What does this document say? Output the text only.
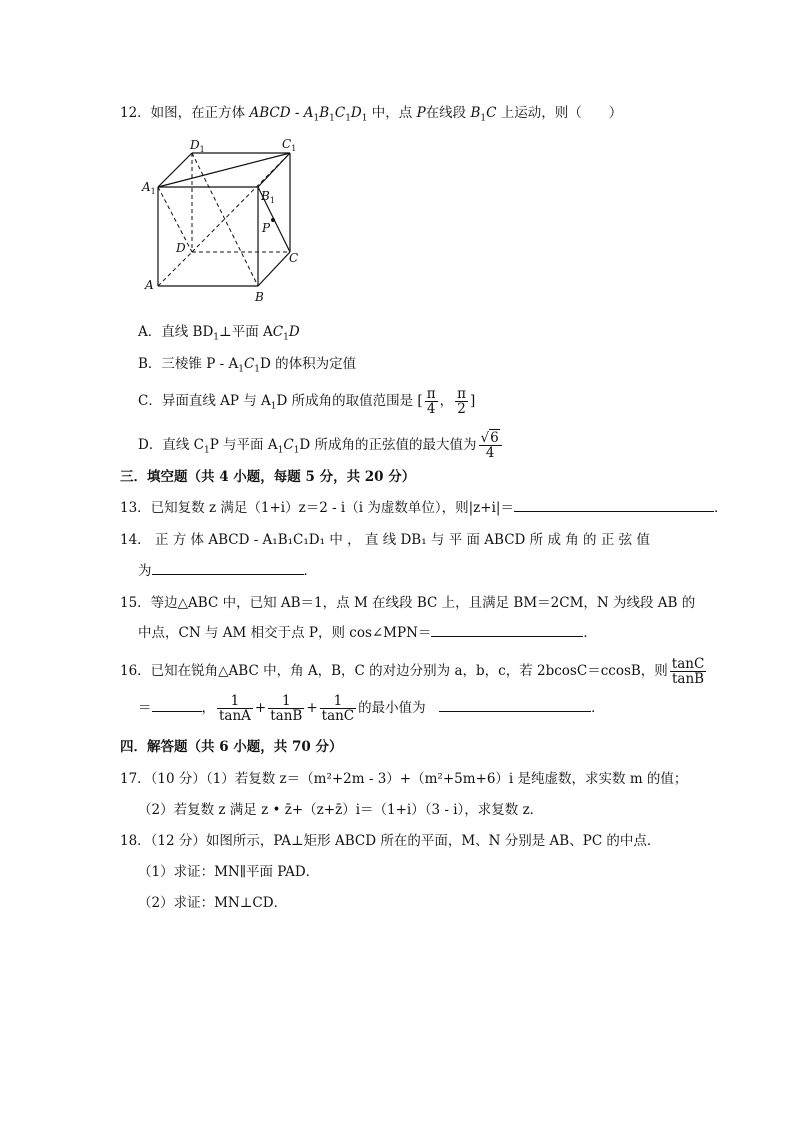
12．如图，在正方体 ABCD - $A_1B_1C_1D_1$ 中，点 P在线段 $B_1C$ 上运动，则（　　）
$D_1$	$C_1$
$A_1$	$B_1$
P
D
C
A
B
A．直线 $BD_1\perp$平面 $AC_1D$
B．三棱锥 P - $A_1C_1D$ 的体积为定值
C．异面直线 AP 与 $A_1D$ 所成角的取值范围是 [ $\frac{\pi}{4}$ ， $\frac{\pi}{2}$ ]
D．直线 $C_1P$ 与平面 $A_1C_1D$ 所成角的正弦值的最大值为 $\frac{√6}{4}$
三．填空题（共 4 小题，每题 5 分，共 20 分）
13．已知复数 z 满足（1+i）z＝2 - i（i 为虚数单位），则|z+i|＝	．
14． 正 方 体 ABCD - A₁B₁C₁D₁ 中 ， 直 线 DB₁ 与 平 面 ABCD 所 成 角 的 正 弦 值
为	．
15．等边△ABC 中，已知 AB＝1，点 M 在线段 BC 上，且满足 BM＝2CM，N 为线段 AB 的
中点，CN 与 AM 相交于点 P，则 cos∠MPN＝	．
16．已知在锐角△ABC 中，角 A，B，C 的对边分别为 a，b，c，若 2bcosC＝ccosB，则 $\frac{\tan C}{\tan B}$
＝	， $\frac{1}{\tan A} + \frac{1}{\tan B} + \frac{1}{\tan C}$ 的最小值为　	．
四．解答题（共 6 小题，共 70 分）
17．（10 分）（1）若复数 z＝（m²+2m - 3）+（m²+5m+6）i 是纯虚数，求实数 m 的值；
（2）若复数 z 满足 z • z̄+（z+z̄）i＝（1+i）（3 - i），求复数 z．
18．（12 分）如图所示，PA⊥矩形 ABCD 所在的平面，M、N 分别是 AB、PC 的中点．
（1）求证：MN∥平面 PAD．
（2）求证：MN⊥CD．
